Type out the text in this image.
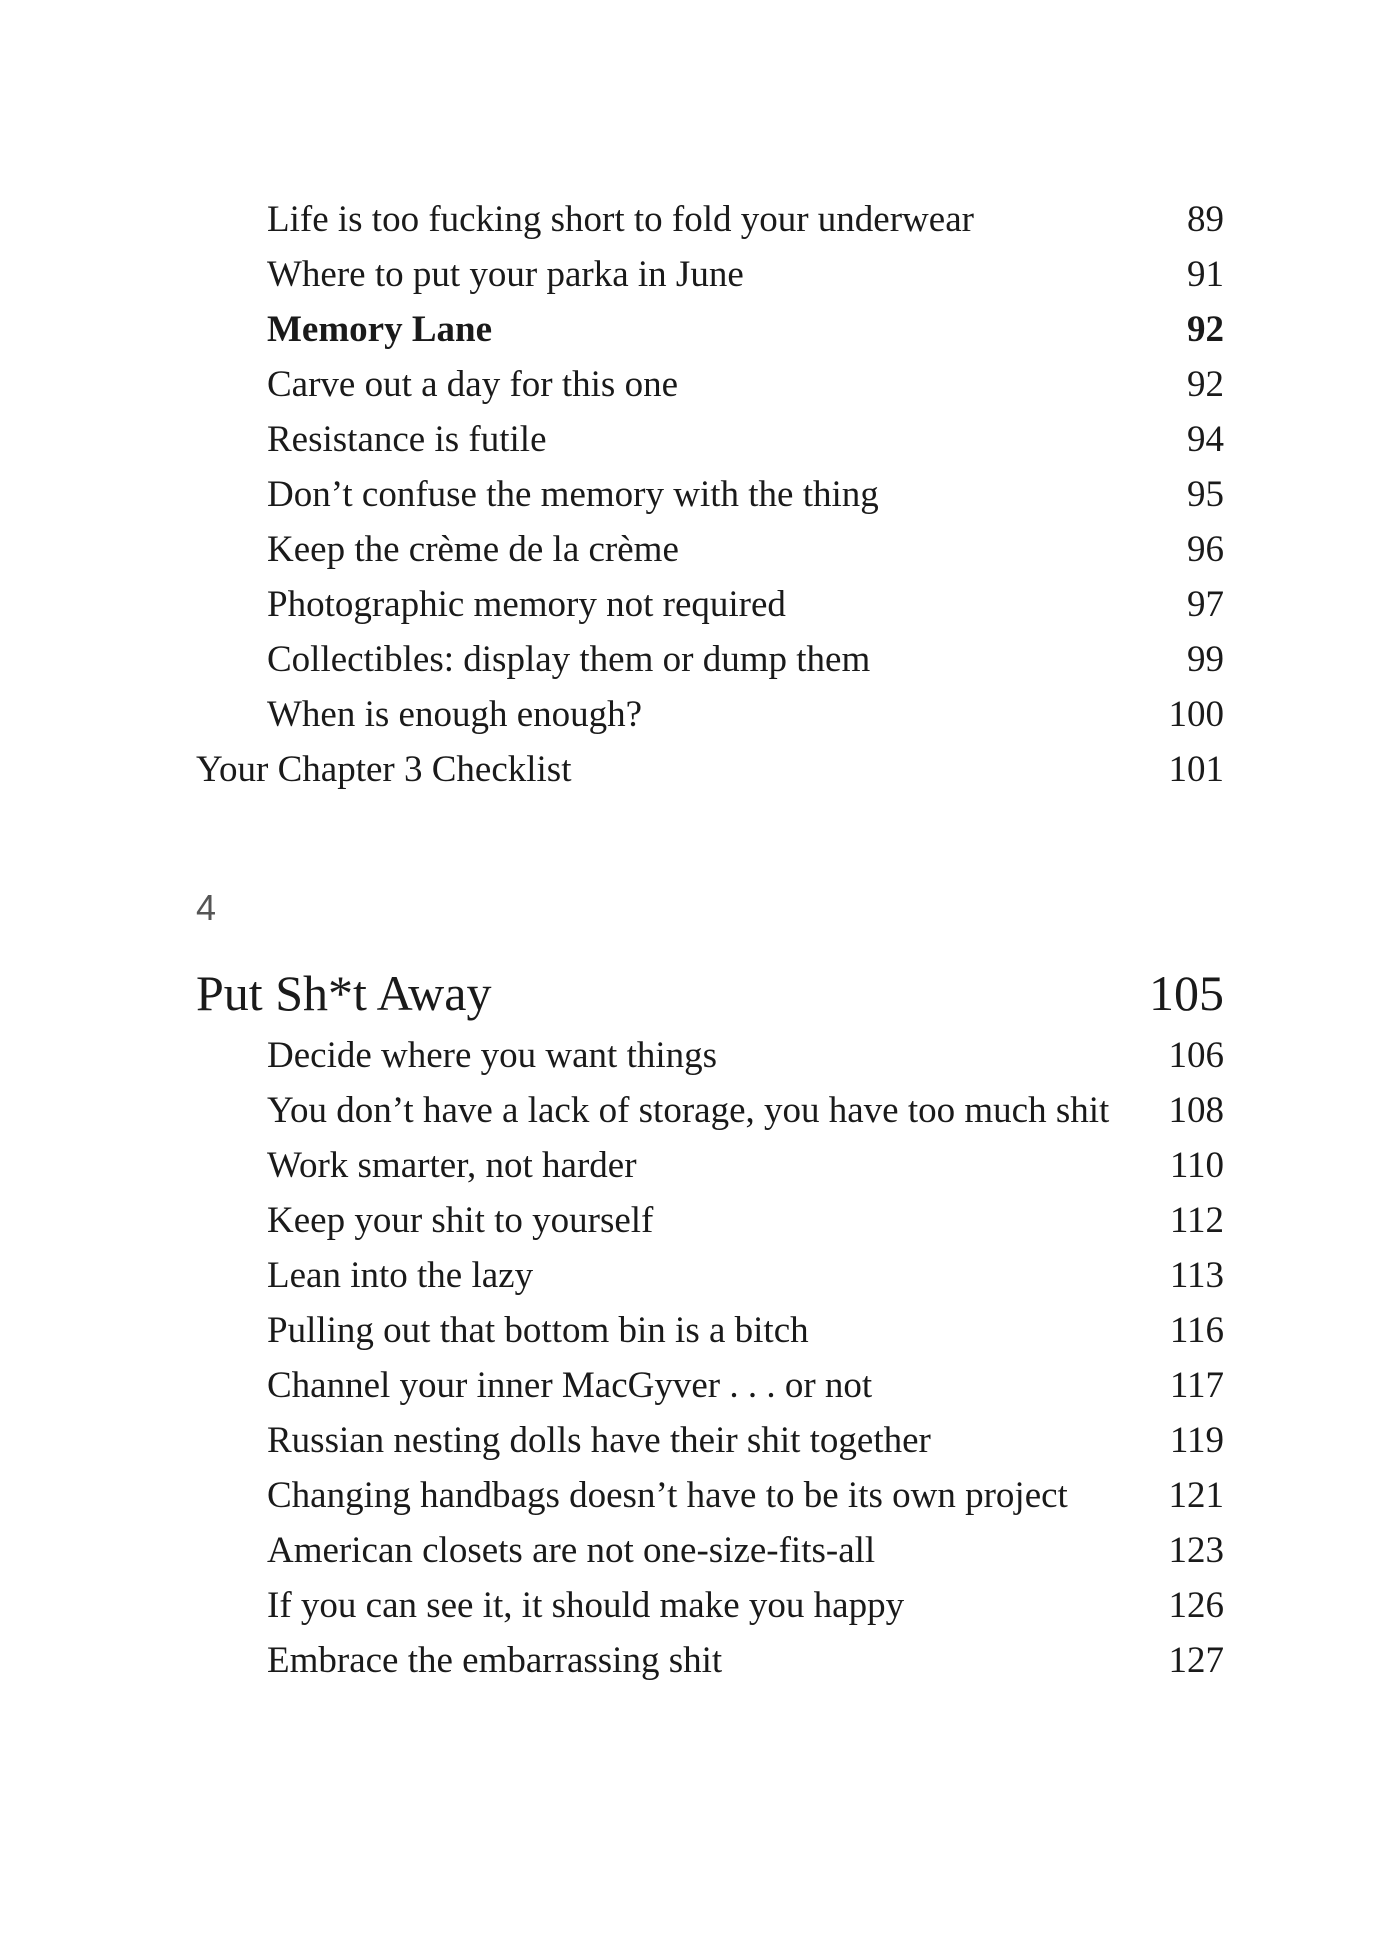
Life is too fucking short to fold your underwear	89
Where to put your parka in June	91
Memory Lane	92
Carve out a day for this one	92
Resistance is futile	94
Don’t confuse the memory with the thing	95
Keep the crème de la crème	96
Photographic memory not required	97
Collectibles: display them or dump them	99
When is enough enough?	100
Your Chapter 3 Checklist	101
4
Put Sh*t Away	105
Decide where you want things	106
You don’t have a lack of storage, you have too much shit 108
Work smarter, not harder	110
Keep your shit to yourself	112
Lean into the lazy	113
Pulling out that bottom bin is a bitch	116
Channel your inner MacGyver . . . or not	117
Russian nesting dolls have their shit together	119
Changing handbags doesn’t have to be its own project	121
American closets are not one-size-fits-all	123
If you can see it, it should make you happy	126
Embrace the embarrassing shit	127
